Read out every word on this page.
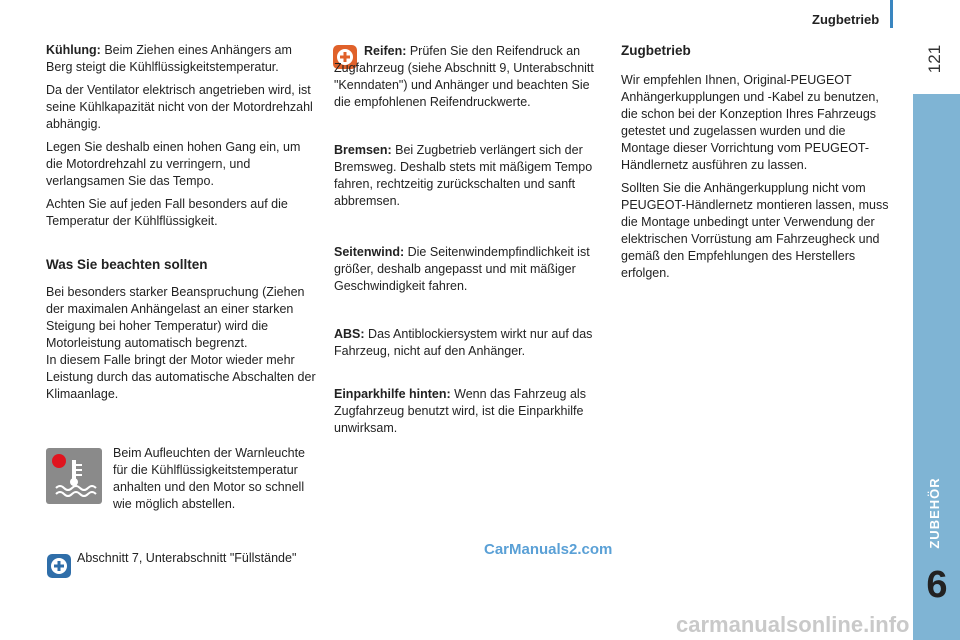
Zugbetrieb
121
ZUBEHÖR
6

Kühlung: Beim Ziehen eines Anhängers am Berg steigt die Kühlflüssigkeitstemperatur.

Da der Ventilator elektrisch angetrieben wird, ist seine Kühlkapazität nicht von der Motordrehzahl abhängig.

Legen Sie deshalb einen hohen Gang ein, um die Motordrehzahl zu verringern, und verlangsamen Sie das Tempo.

Achten Sie auf jeden Fall besonders auf die Temperatur der Kühlflüssigkeit.

Was Sie beachten sollten

Bei besonders starker Beanspruchung (Ziehen der maximalen Anhängelast an einer starken Steigung bei hoher Temperatur) wird die Motorleistung automatisch begrenzt.

In diesem Falle bringt der Motor wieder mehr Leistung durch das automatische Abschalten der Klimaanlage.

Beim Aufleuchten der Warnleuchte für die Kühlflüssigkeitstemperatur anhalten und den Motor so schnell wie möglich abstellen.
Abschnitt 7, Unterabschnitt "Füllstände"
Reifen: Prüfen Sie den Reifendruck an Zugfahrzeug (siehe Abschnitt 9, Unterabschnitt "Kenndaten") und Anhänger und beachten Sie die empfohlenen Reifendruckwerte.
Bremsen: Bei Zugbetrieb verlängert sich der Bremsweg. Deshalb stets mit mäßigem Tempo fahren, rechtzeitig zurückschalten und sanft abbremsen.
Seitenwind: Die Seitenwindempfindlichkeit ist größer, deshalb angepasst und mit mäßiger Geschwindigkeit fahren.
ABS: Das Antiblockiersystem wirkt nur auf das Fahrzeug, nicht auf den Anhänger.
Einparkhilfe hinten: Wenn das Fahrzeug als Zugfahrzeug benutzt wird, ist die Einparkhilfe unwirksam.
Zugbetrieb

Wir empfehlen Ihnen, Original-PEUGEOT Anhängerkupplungen und -Kabel zu benutzen, die schon bei der Konzeption Ihres Fahrzeugs getestet und zugelassen wurden und die Montage dieser Vorrichtung vom PEUGEOT-Händlernetz ausführen zu lassen.

Sollten Sie die Anhängerkupplung nicht vom PEUGEOT-Händlernetz montieren lassen, muss die Montage unbedingt unter Verwendung der elektrischen Vorrüstung am Fahrzeugheck und gemäß den Empfehlungen des Herstellers erfolgen.

CarManuals2.com
carmanualsonline.info
